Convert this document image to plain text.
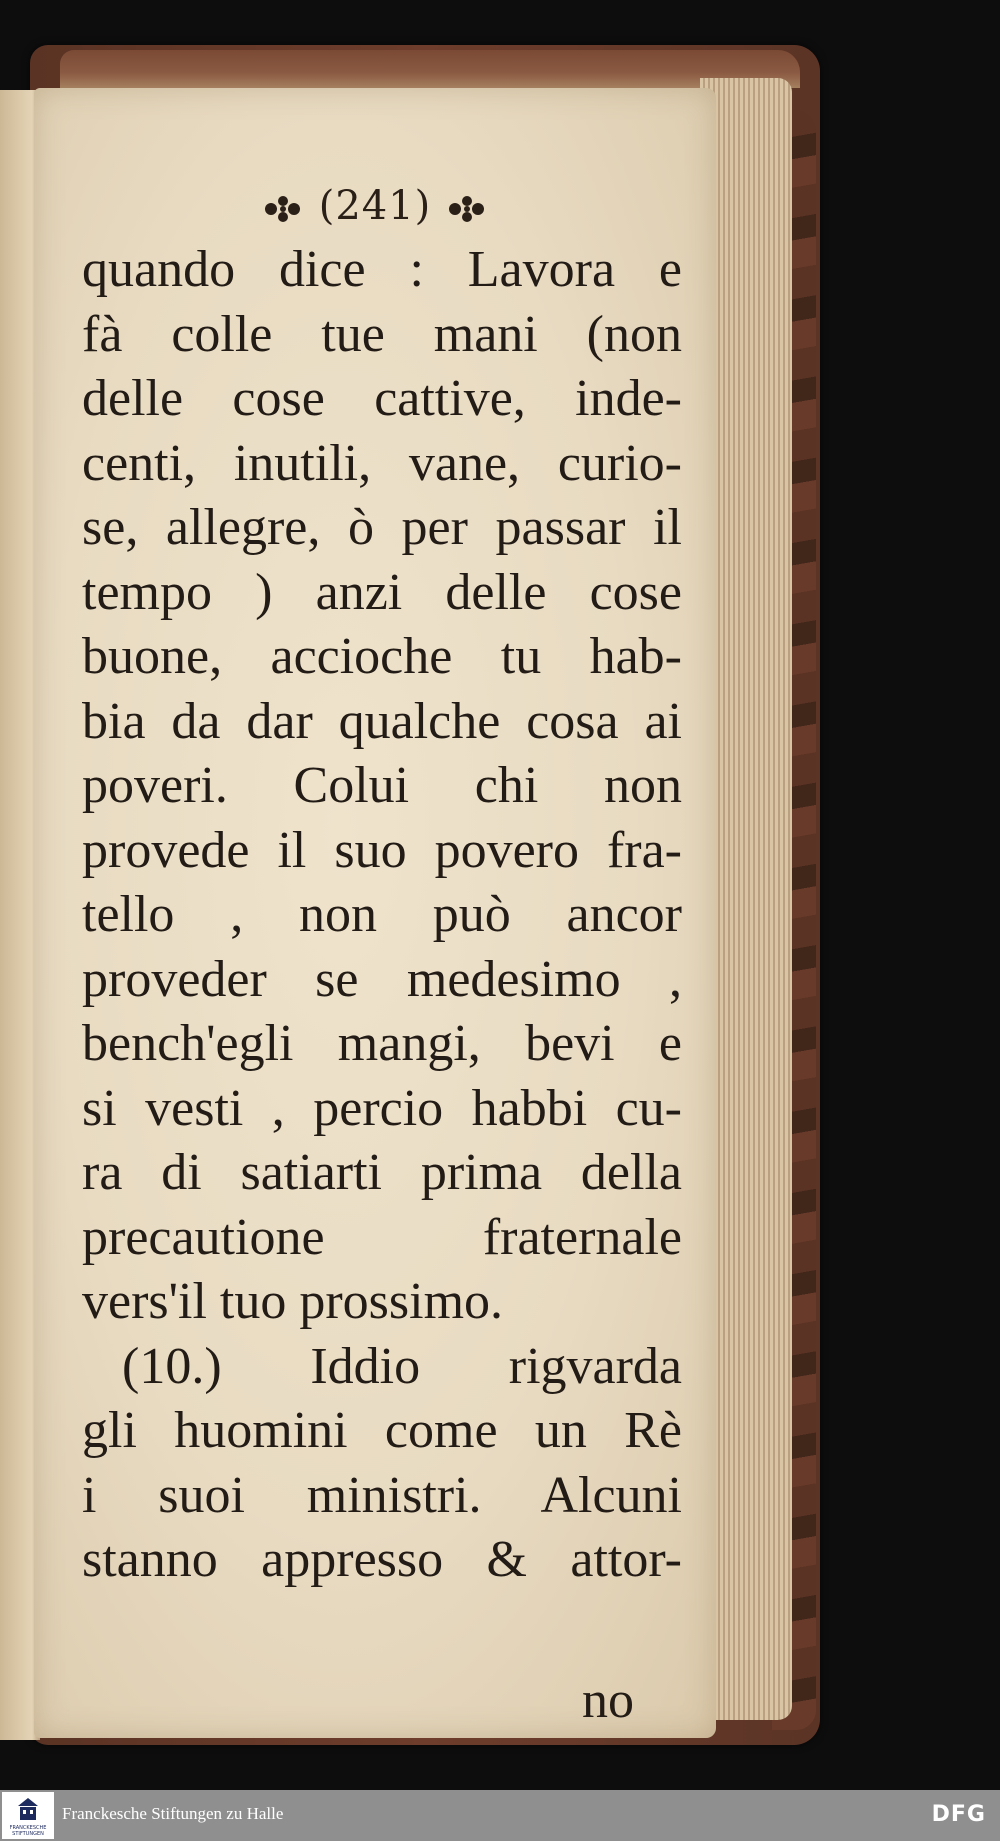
(241)
quando dice : Lavora e
fà colle tue mani (non
delle cose cattive, inde-
centi, inutili, vane, curio-
se, allegre, ò per passar il
tempo ) anzi delle cose
buone, accioche tu hab-
bia da dar qualche cosa ai
poveri. Colui chi non
provede il suo povero fra-
tello , non può ancor
proveder se medesimo ,
bench'egli mangi, bevi e
si vesti , percio habbi cu-
ra di satiarti prima della
precautione fraternale
vers'il tuo prossimo.
(10.) Iddio rigvarda
gli huomini come un Rè
i suoi ministri. Alcuni
stanno appresso & attor-
no
FRANCKESCHE STIFTUNGEN
Franckesche Stiftungen zu Halle	DFG
